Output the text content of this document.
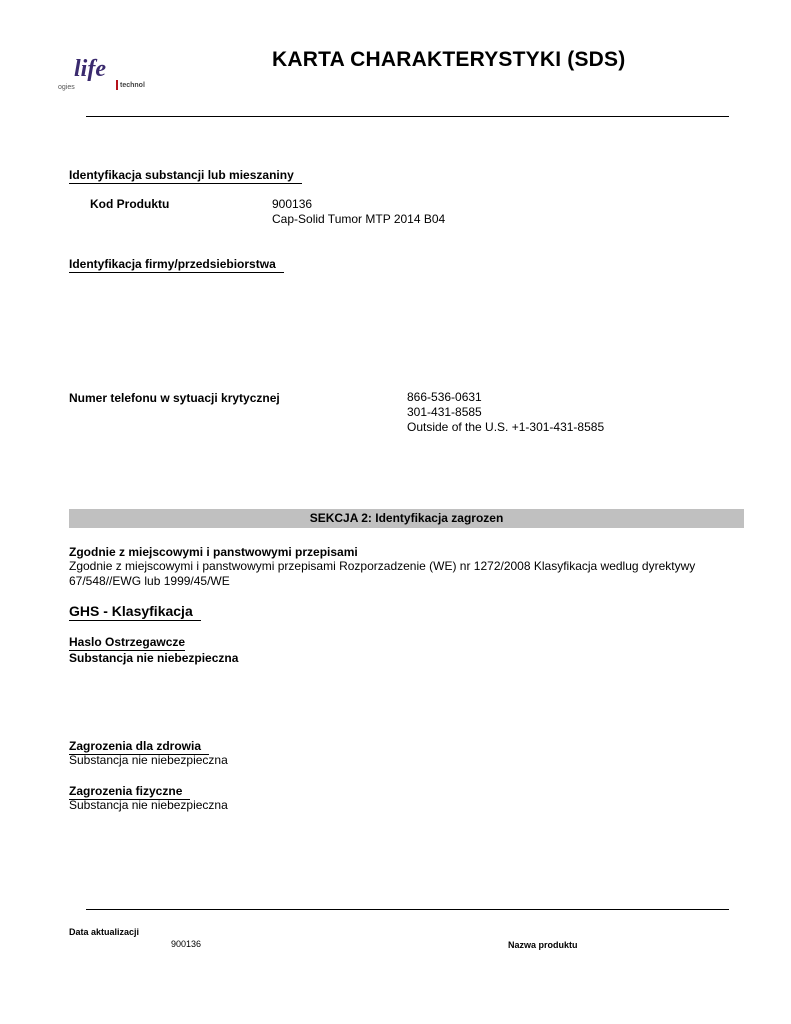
life
ogies	technol
KARTA CHARAKTERYSTYKI (SDS)
Identyfikacja substancji lub mieszaniny
Kod Produktu	900136
Cap-Solid Tumor MTP 2014 B04
Identyfikacja firmy/przedsiebiorstwa
Numer telefonu w sytuacji krytycznej	866-536-0631
301-431-8585
Outside of the U.S. +1-301-431-8585
SEKCJA 2: Identyfikacja zagrozen
Zgodnie z miejscowymi i panstwowymi przepisami
Zgodnie z miejscowymi i panstwowymi przepisami Rozporzadzenie (WE) nr 1272/2008 Klasyfikacja wedlug dyrektywy 67/548//EWG lub 1999/45/WE
GHS - Klasyfikacja
Haslo Ostrzegawcze
Substancja nie niebezpieczna
Zagrozenia dla zdrowia
Substancja nie niebezpieczna
Zagrozenia fizyczne
Substancja nie niebezpieczna
Data aktualizacji
900136	Nazwa produktu
